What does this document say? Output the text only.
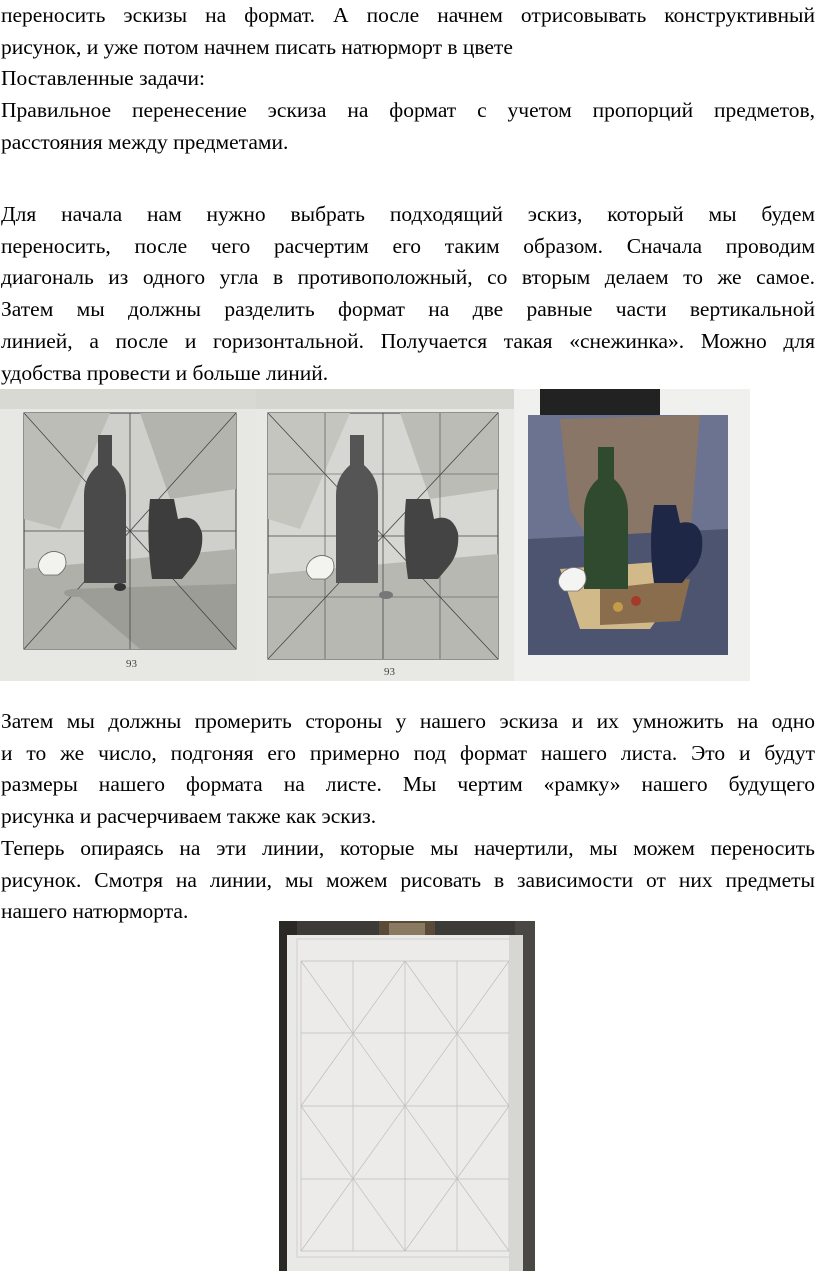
переносить эскизы на формат. А после начнем отрисовывать конструктивный
рисунок, и уже потом начнем писать натюрморт в цвете
Поставленные задачи:
Правильное перенесение эскиза на формат с учетом пропорций предметов,
расстояния между предметами.
Для начала нам нужно выбрать подходящий эскиз, который мы будем
переносить, после чего расчертим его таким образом. Сначала проводим
диагональ из одного угла в противоположный, со вторым делаем то же самое.
Затем мы должны разделить формат на две равные части вертикальной
линией, а после и горизонтальной. Получается такая «снежинка». Можно для
удобства провести и больше линий.
93
93
Затем мы должны промерить стороны у нашего эскиза и их умножить на одно
и то же число, подгоняя его примерно под формат нашего листа. Это и будут
размеры нашего формата на листе. Мы чертим «рамку» нашего будущего
рисунка и расчерчиваем также как эскиз.
Теперь опираясь на эти линии, которые мы начертили, мы можем переносить
рисунок. Смотря на линии, мы можем рисовать в зависимости от них предметы
нашего натюрморта.
